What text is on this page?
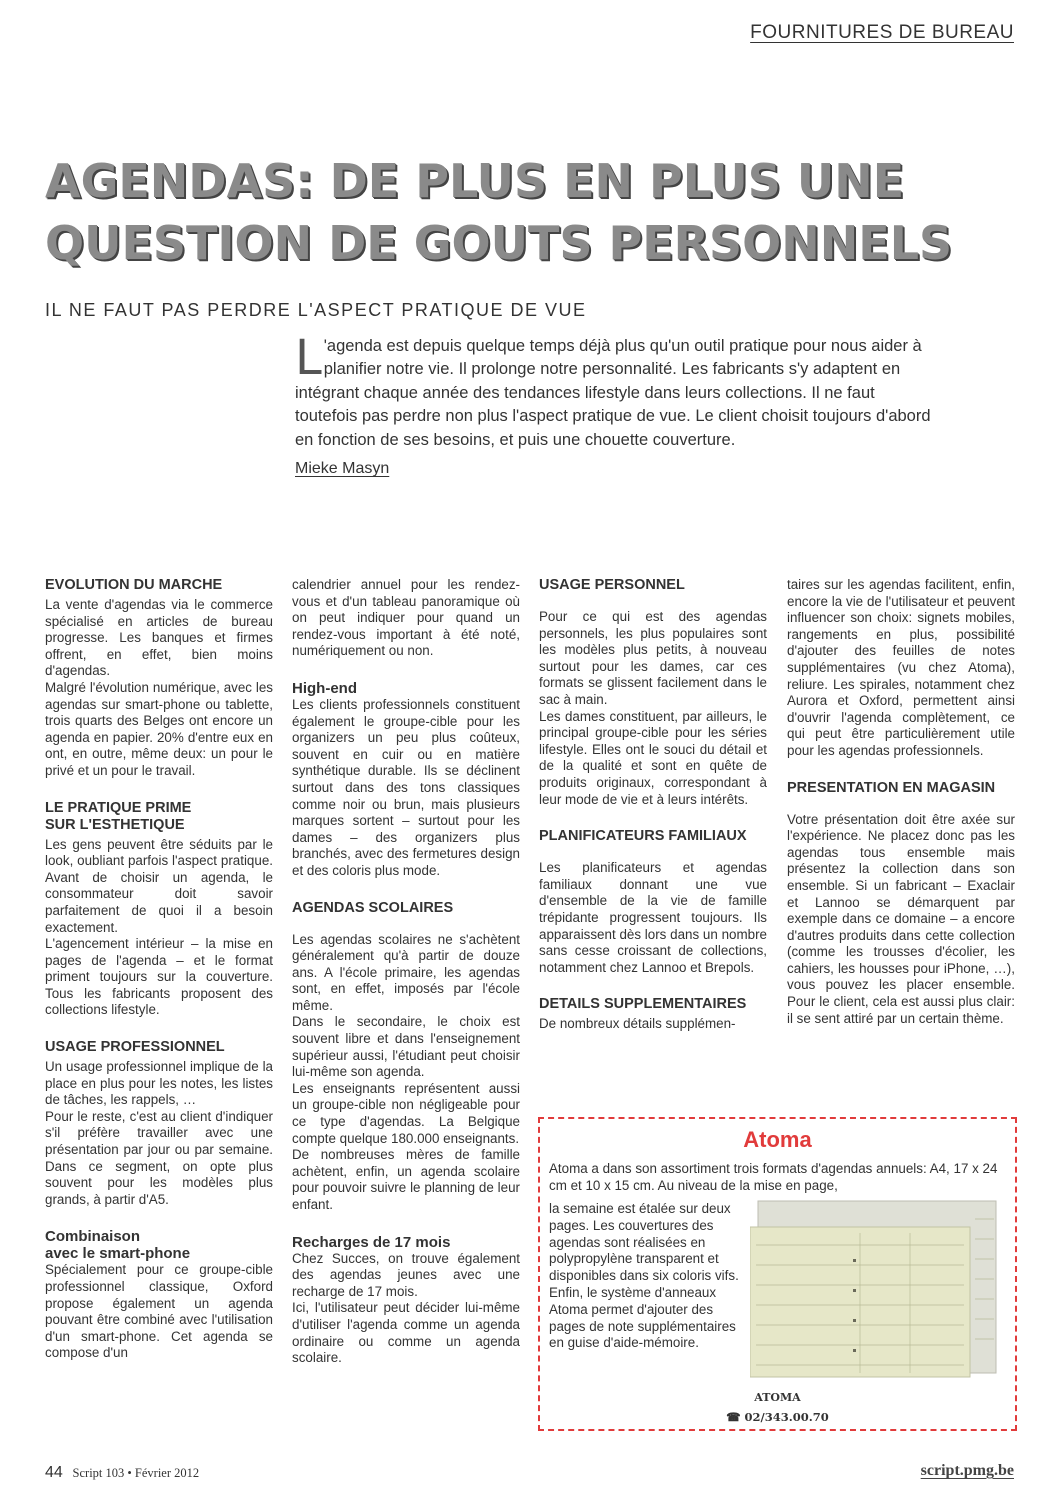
FOURNITURES DE BUREAU
AGENDAS: DE PLUS EN PLUS UNE
QUESTION DE GOUTS PERSONNELS
IL NE FAUT PAS PERDRE L'ASPECT PRATIQUE DE VUE
L 'agenda est depuis quelque temps déjà plus qu'un outil pratique pour nous aider à planifier notre vie. Il prolonge notre personnalité. Les fabricants s'y adaptent en intégrant chaque année des tendances lifestyle dans leurs collections. Il ne faut toutefois pas perdre non plus l'aspect pratique de vue. Le client choisit toujours d'abord en fonction de ses besoins, et puis une chouette couverture.
Mieke Masyn
EVOLUTION DU MARCHE

La vente d'agendas via le commerce spécialisé en articles de bureau progresse. Les banques et firmes offrent, en effet, bien moins d'agendas.

Malgré l'évolution numérique, avec les agendas sur smart-phone ou tablette, trois quarts des Belges ont encore un agenda en papier. 20% d'entre eux en ont, en outre, même deux: un pour le privé et un pour le travail.

LE PRATIQUE PRIME
SUR L'ESTHETIQUE

Les gens peuvent être séduits par le look, oubliant parfois l'aspect pratique. Avant de choisir un agenda, le consommateur doit savoir parfaitement de quoi il a besoin exactement.

L'agencement intérieur – la mise en pages de l'agenda – et le format priment toujours sur la couverture. Tous les fabricants proposent des collections lifestyle.

USAGE PROFESSIONNEL

Un usage professionnel implique de la place en plus pour les notes, les listes de tâches, les rappels, …

Pour le reste, c'est au client d'indiquer s'il préfère travailler avec une présentation par jour ou par semaine. Dans ce segment, on opte plus souvent pour les modèles plus grands, à partir d'A5.

Combinaison
avec le smart-phone

Spécialement pour ce groupe-cible professionnel classique, Oxford propose également un agenda pouvant être combiné avec l'utilisation d'un smart-phone. Cet agenda se compose d'un

calendrier annuel pour les rendez-vous et d'un tableau panoramique où on peut indiquer pour quand un rendez-vous important à été noté, numériquement ou non.

High-end

Les clients professionnels constituent également le groupe-cible pour les organizers un peu plus coûteux, souvent en cuir ou en matière synthétique durable. Ils se déclinent surtout dans des tons classiques comme noir ou brun, mais plusieurs marques sortent – surtout pour les dames – des organizers plus branchés, avec des fermetures design et des coloris plus mode.

AGENDAS SCOLAIRES

Les agendas scolaires ne s'achètent généralement qu'à partir de douze ans. A l'école primaire, les agendas sont, en effet, imposés par l'école même.

Dans le secondaire, le choix est souvent libre et dans l'enseignement supérieur aussi, l'étudiant peut choisir lui-même son agenda.

Les enseignants représentent aussi un groupe-cible non négligeable pour ce type d'agendas. La Belgique compte quelque 180.000 enseignants.

De nombreuses mères de famille achètent, enfin, un agenda scolaire pour pouvoir suivre le planning de leur enfant.

Recharges de 17 mois

Chez Succes, on trouve également des agendas jeunes avec une recharge de 17 mois.

Ici, l'utilisateur peut décider lui-même d'utiliser l'agenda comme un agenda ordinaire ou comme un agenda scolaire.

USAGE PERSONNEL

Pour ce qui est des agendas personnels, les plus populaires sont les modèles plus petits, à nouveau surtout pour les dames, car ces formats se glissent facilement dans le sac à main.

Les dames constituent, par ailleurs, le principal groupe-cible pour les séries lifestyle. Elles ont le souci du détail et de la qualité et sont en quête de produits originaux, correspondant à leur mode de vie et à leurs intérêts.

PLANIFICATEURS FAMILIAUX

Les planificateurs et agendas familiaux donnant une vue d'ensemble de la vie de famille trépidante progressent toujours. Ils apparaissent dès lors dans un nombre sans cesse croissant de collections, notamment chez Lannoo et Brepols.

DETAILS SUPPLEMENTAIRES

De nombreux détails supplémen-

taires sur les agendas facilitent, enfin, encore la vie de l'utilisateur et peuvent influencer son choix: signets mobiles, rangements en plus, possibilité d'ajouter des feuilles de notes supplémentaires (vu chez Atoma), reliure. Les spirales, notamment chez Aurora et Oxford, permettent ainsi d'ouvrir l'agenda complètement, ce qui peut être particulièrement utile pour les agendas professionnels.

PRESENTATION EN MAGASIN

Votre présentation doit être axée sur l'expérience. Ne placez donc pas les agendas tous ensemble mais présentez la collection dans son ensemble. Si un fabricant – Exaclair et Lannoo se démarquent par exemple dans ce domaine – a encore d'autres produits dans cette collection (comme les trousses d'écolier, les cahiers, les housses pour iPhone, …), vous pouvez les placer ensemble. Pour le client, cela est aussi plus clair: il se sent attiré par un certain thème.

Atoma
Atoma a dans son assortiment trois formats d'agendas annuels: A4, 17 x 24 cm et 10 x 15 cm. Au niveau de la mise en page,

la semaine est étalée sur deux pages. Les couvertures des agendas sont réalisées en polypropylène transparent et disponibles dans six coloris vifs.

Enfin, le système d'anneaux Atoma permet d'ajouter des pages de note supplémentaires en guise d'aide-mémoire.

ATOMA
☎ 02/343.00.70
44 Script 103 • Février 2012	script.pmg.be
